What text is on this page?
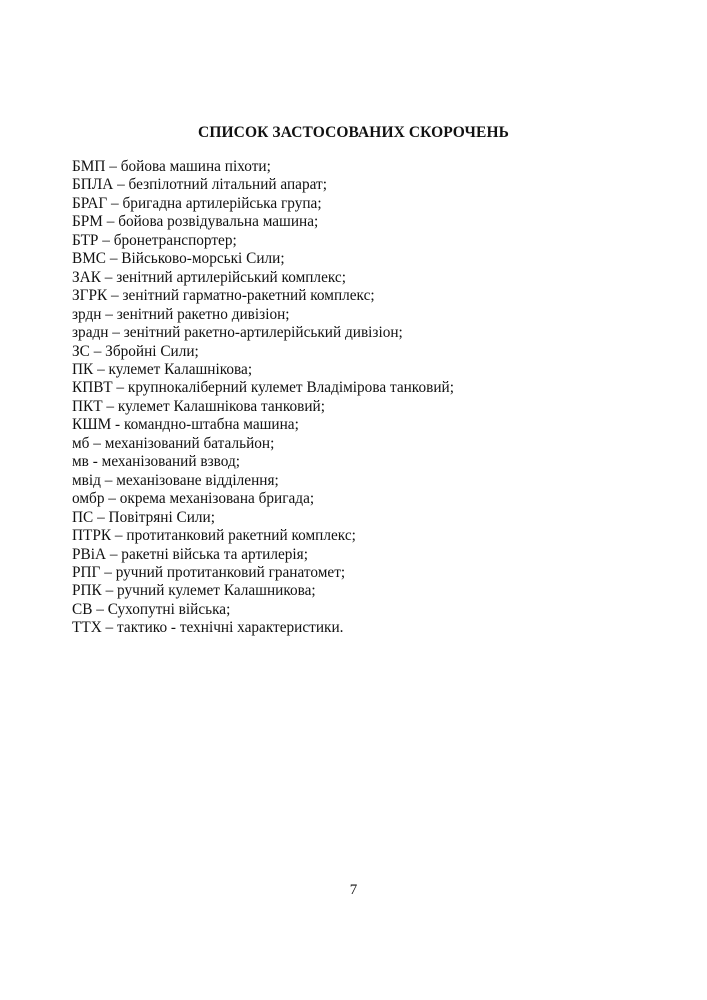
СПИСОК ЗАСТОСОВАНИХ СКОРОЧЕНЬ
БМП – бойова машина піхоти;
БПЛА – безпілотний літальний апарат;
БРАГ – бригадна артилерійська група;
БРМ – бойова розвідувальна машина;
БТР – бронетранспортер;
ВМС – Військово-морські Сили;
ЗАК – зенітний артилерійський комплекс;
ЗГРК – зенітний гарматно-ракетний комплекс;
зрдн – зенітний ракетно дивізіон;
зрадн – зенітний ракетно-артилерійський дивізіон;
ЗС – Збройні Сили;
ПК – кулемет Калашнікова;
КПВТ – крупнокаліберний кулемет Владімірова танковий;
ПКТ – кулемет Калашнікова танковий;
КШМ - командно-штабна машина;
мб – механізований батальйон;
мв - механізований взвод;
мвід – механізоване відділення;
омбр – окрема механізована бригада;
ПС – Повітряні Сили;
ПТРК – протитанковий ракетний комплекс;
РВіА – ракетні війська та артилерія;
РПГ – ручний протитанковий гранатомет;
РПК – ручний кулемет Калашникова;
СВ – Сухопутні війська;
ТТХ – тактико - технічні характеристики.
7
